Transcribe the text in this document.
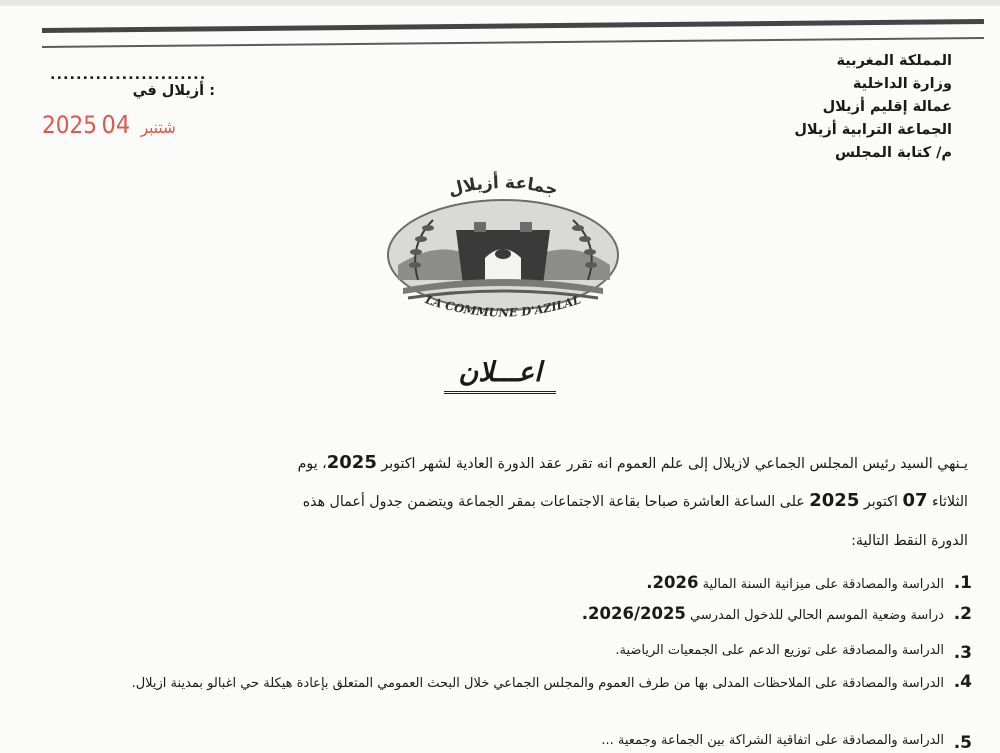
المملكة المغربية
وزارة الداخلية
عمالة إقليم أزيلال
الجماعة الترابية أزيلال
م/ كتابة المجلس
........................
أزيلال في :
2025	شتنبر 04
جماعة أزيلال
LA COMMUNE D'AZILAL
اعـــلان
يـنهي السيد رئيس المجلس الجماعي لازيلال إلى علم العموم انه تقرر عقد الدورة العادية لشهر اكتوبر 2025، يوم
الثلاثاء 07 اكتوبر 2025 على الساعة العاشرة صباحا بقاعة الاجتماعات بمقر الجماعة ويتضمن جدول أعمال هذه
الدورة النقط التالية:
1.
الدراسة والمصادقة على ميزانية السنة المالية 2026.
2.
دراسة وضعية الموسم الحالي للدخول المدرسي 2026/2025.
3.
الدراسة والمصادقة على توزيع الدعم على الجمعيات الرياضية.
4.
الدراسة والمصادقة على الملاحظات المدلى بها من طرف العموم والمجلس الجماعي خلال البحث العمومي المتعلق بإعادة هيكلة حي اغبالو بمدينة ازيلال.
5.
الدراسة والمصادقة على اتفاقية الشراكة بين الجماعة وجمعية ...
